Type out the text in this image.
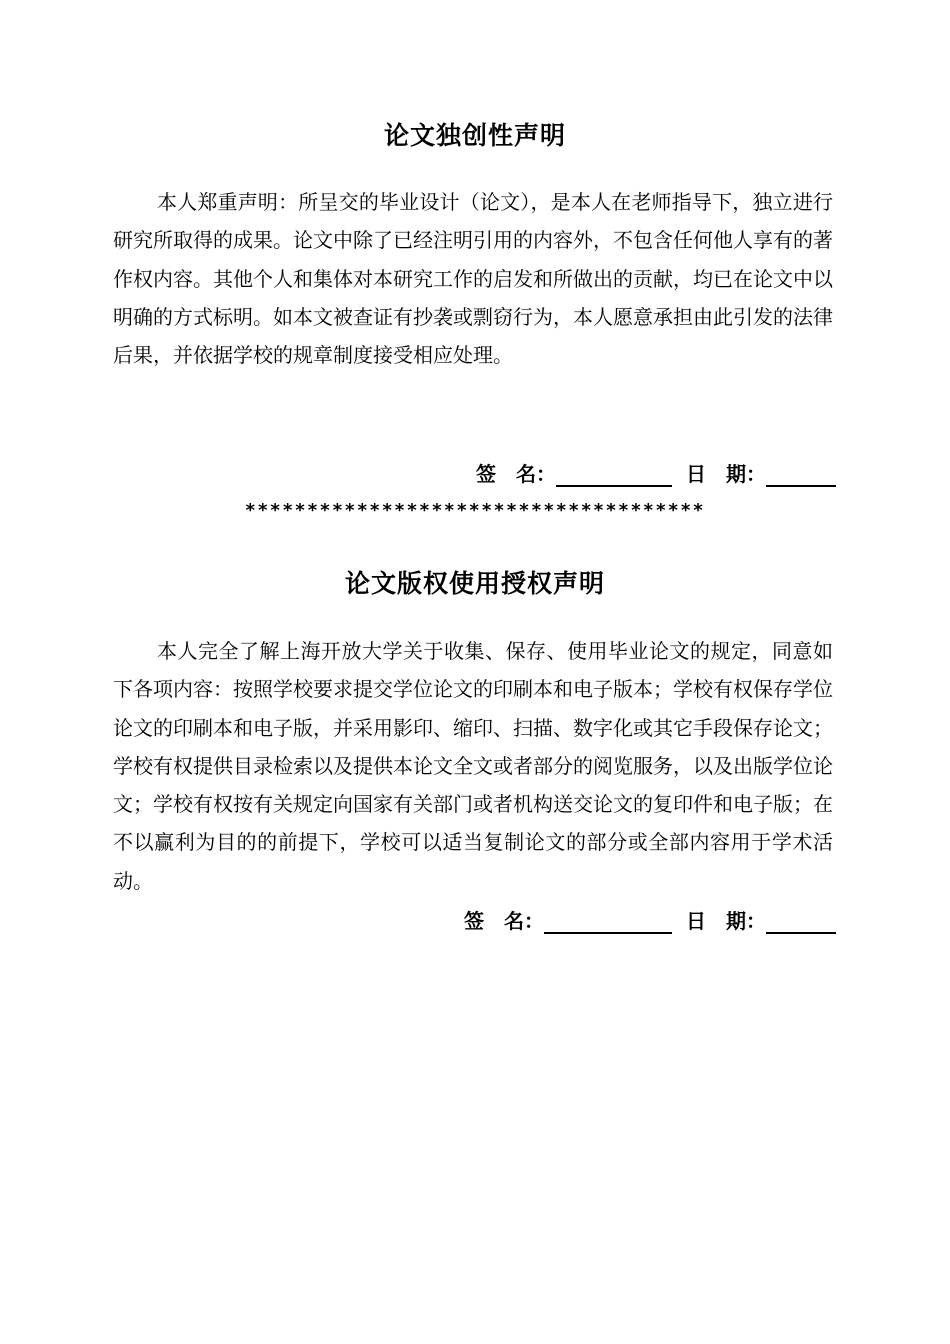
论文独创性声明

本人郑重声明：所呈交的毕业设计（论文），是本人在老师指导下，独立进行研究所取得的成果。论文中除了已经注明引用的内容外，不包含任何他人享有的著作权内容。其他个人和集体对本研究工作的启发和所做出的贡献，均已在论文中以明确的方式标明。如本文被查证有抄袭或剽窃行为，本人愿意承担由此引发的法律后果，并依据学校的规章制度接受相应处理。

签　名：	日　期：
*************************************
论文版权使用授权声明

本人完全了解上海开放大学关于收集、保存、使用毕业论文的规定，同意如下各项内容：按照学校要求提交学位论文的印刷本和电子版本；学校有权保存学位论文的印刷本和电子版，并采用影印、缩印、扫描、数字化或其它手段保存论文；学校有权提供目录检索以及提供本论文全文或者部分的阅览服务，以及出版学位论文；学校有权按有关规定向国家有关部门或者机构送交论文的复印件和电子版；在不以赢利为目的的前提下，学校可以适当复制论文的部分或全部内容用于学术活动。

签　名：	日　期：
